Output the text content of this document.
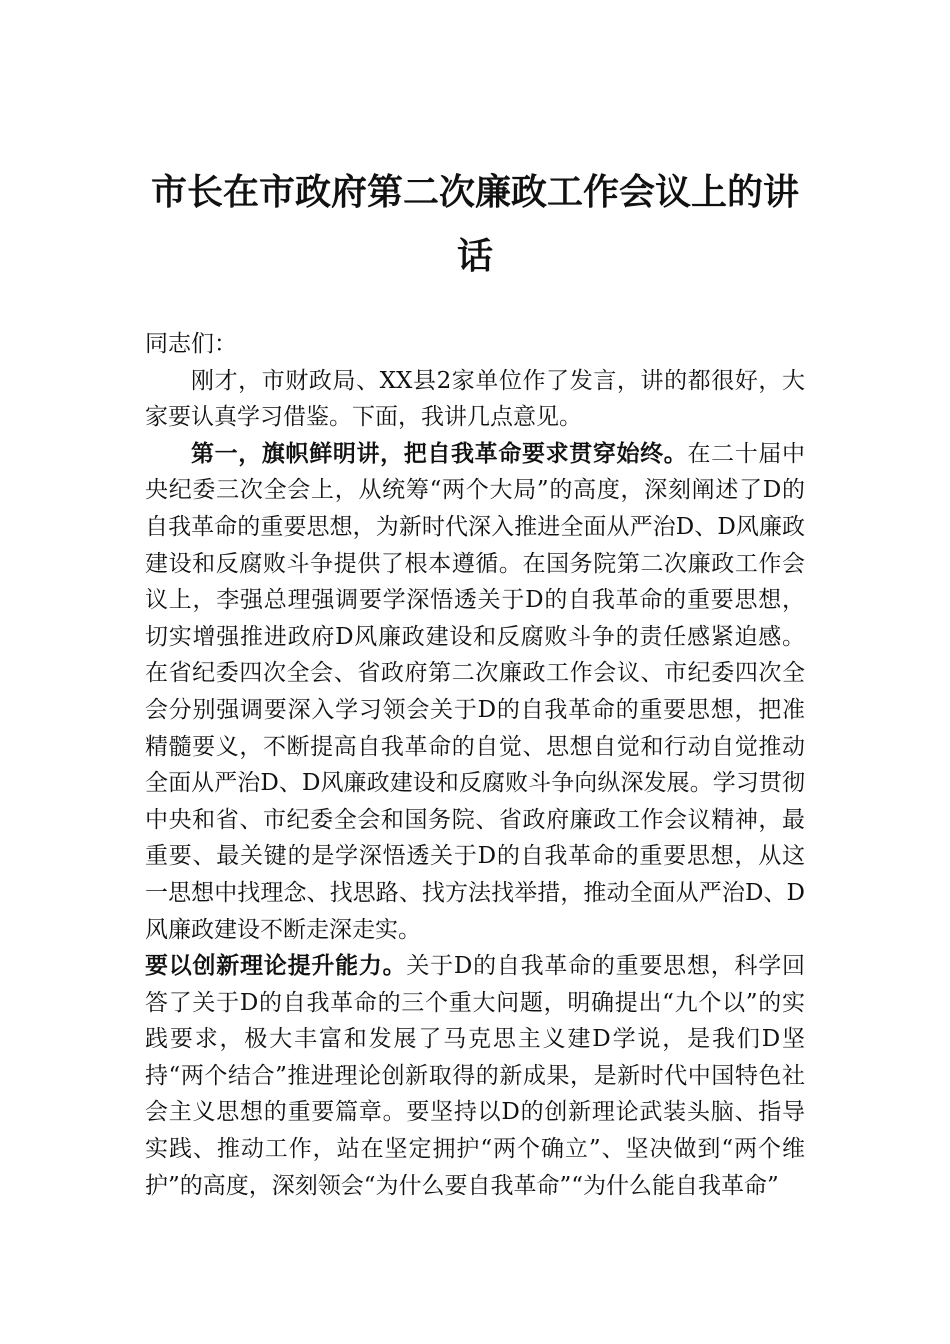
市长在市政府第二次廉政工作会议上的讲
话

同志们：

刚才，市财政局、XX县2家单位作了发言，讲的都很好，大家要认真学习借鉴。下面，我讲几点意见。

第一，旗帜鲜明讲，把自我革命要求贯穿始终。在二十届中央纪委三次全会上，从统筹“两个大局”的高度，深刻阐述了D的自我革命的重要思想，为新时代深入推进全面从严治D、D风廉政建设和反腐败斗争提供了根本遵循。在国务院第二次廉政工作会议上，李强总理强调要学深悟透关于D的自我革命的重要思想，切实增强推进政府D风廉政建设和反腐败斗争的责任感紧迫感。在省纪委四次全会、省政府第二次廉政工作会议、市纪委四次全会分别强调要深入学习领会关于D的自我革命的重要思想，把准精髓要义，不断提高自我革命的自觉、思想自觉和行动自觉推动全面从严治D、D风廉政建设和反腐败斗争向纵深发展。学习贯彻中央和省、市纪委全会和国务院、省政府廉政工作会议精神，最重要、最关键的是学深悟透关于D的自我革命的重要思想，从这一思想中找理念、找思路、找方法找举措，推动全面从严治D、D风廉政建设不断走深走实。

要以创新理论提升能力。关于D的自我革命的重要思想，科学回答了关于D的自我革命的三个重大问题，明确提出“九个以”的实践要求，极大丰富和发展了马克思主义建D学说，是我们D坚持“两个结合”推进理论创新取得的新成果，是新时代中国特色社会主义思想的重要篇章。要坚持以D的创新理论武装头脑、指导实践、推动工作，站在坚定拥护“两个确立”、坚决做到“两个维护”的高度，深刻领会“为什么要自我革命”“为什么能自我革命”
